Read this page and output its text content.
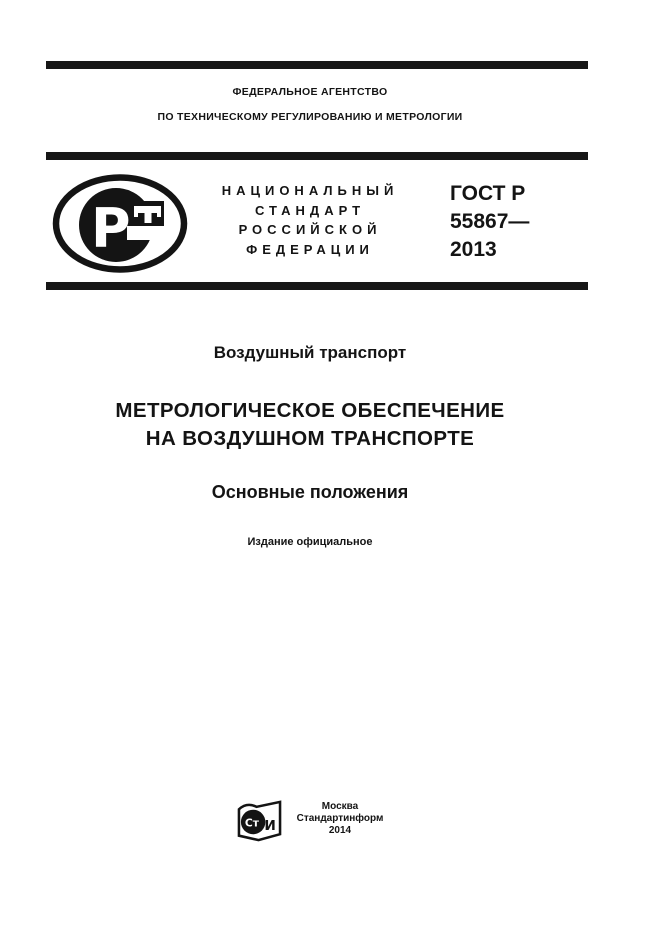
ФЕДЕРАЛЬНОЕ АГЕНТСТВО
ПО ТЕХНИЧЕСКОМУ РЕГУЛИРОВАНИЮ И МЕТРОЛОГИИ
Р
НАЦИОНАЛЬНЫЙ
СТАНДАРТ
РОССИЙСКОЙ
ФЕДЕРАЦИИ
ГОСТ Р
55867—
2013
Воздушный транспорт
МЕТРОЛОГИЧЕСКОЕ ОБЕСПЕЧЕНИЕ
НА ВОЗДУШНОМ ТРАНСПОРТЕ
Основные положения
Издание официальное
Ст И
Москва
Стандартинформ
2014
